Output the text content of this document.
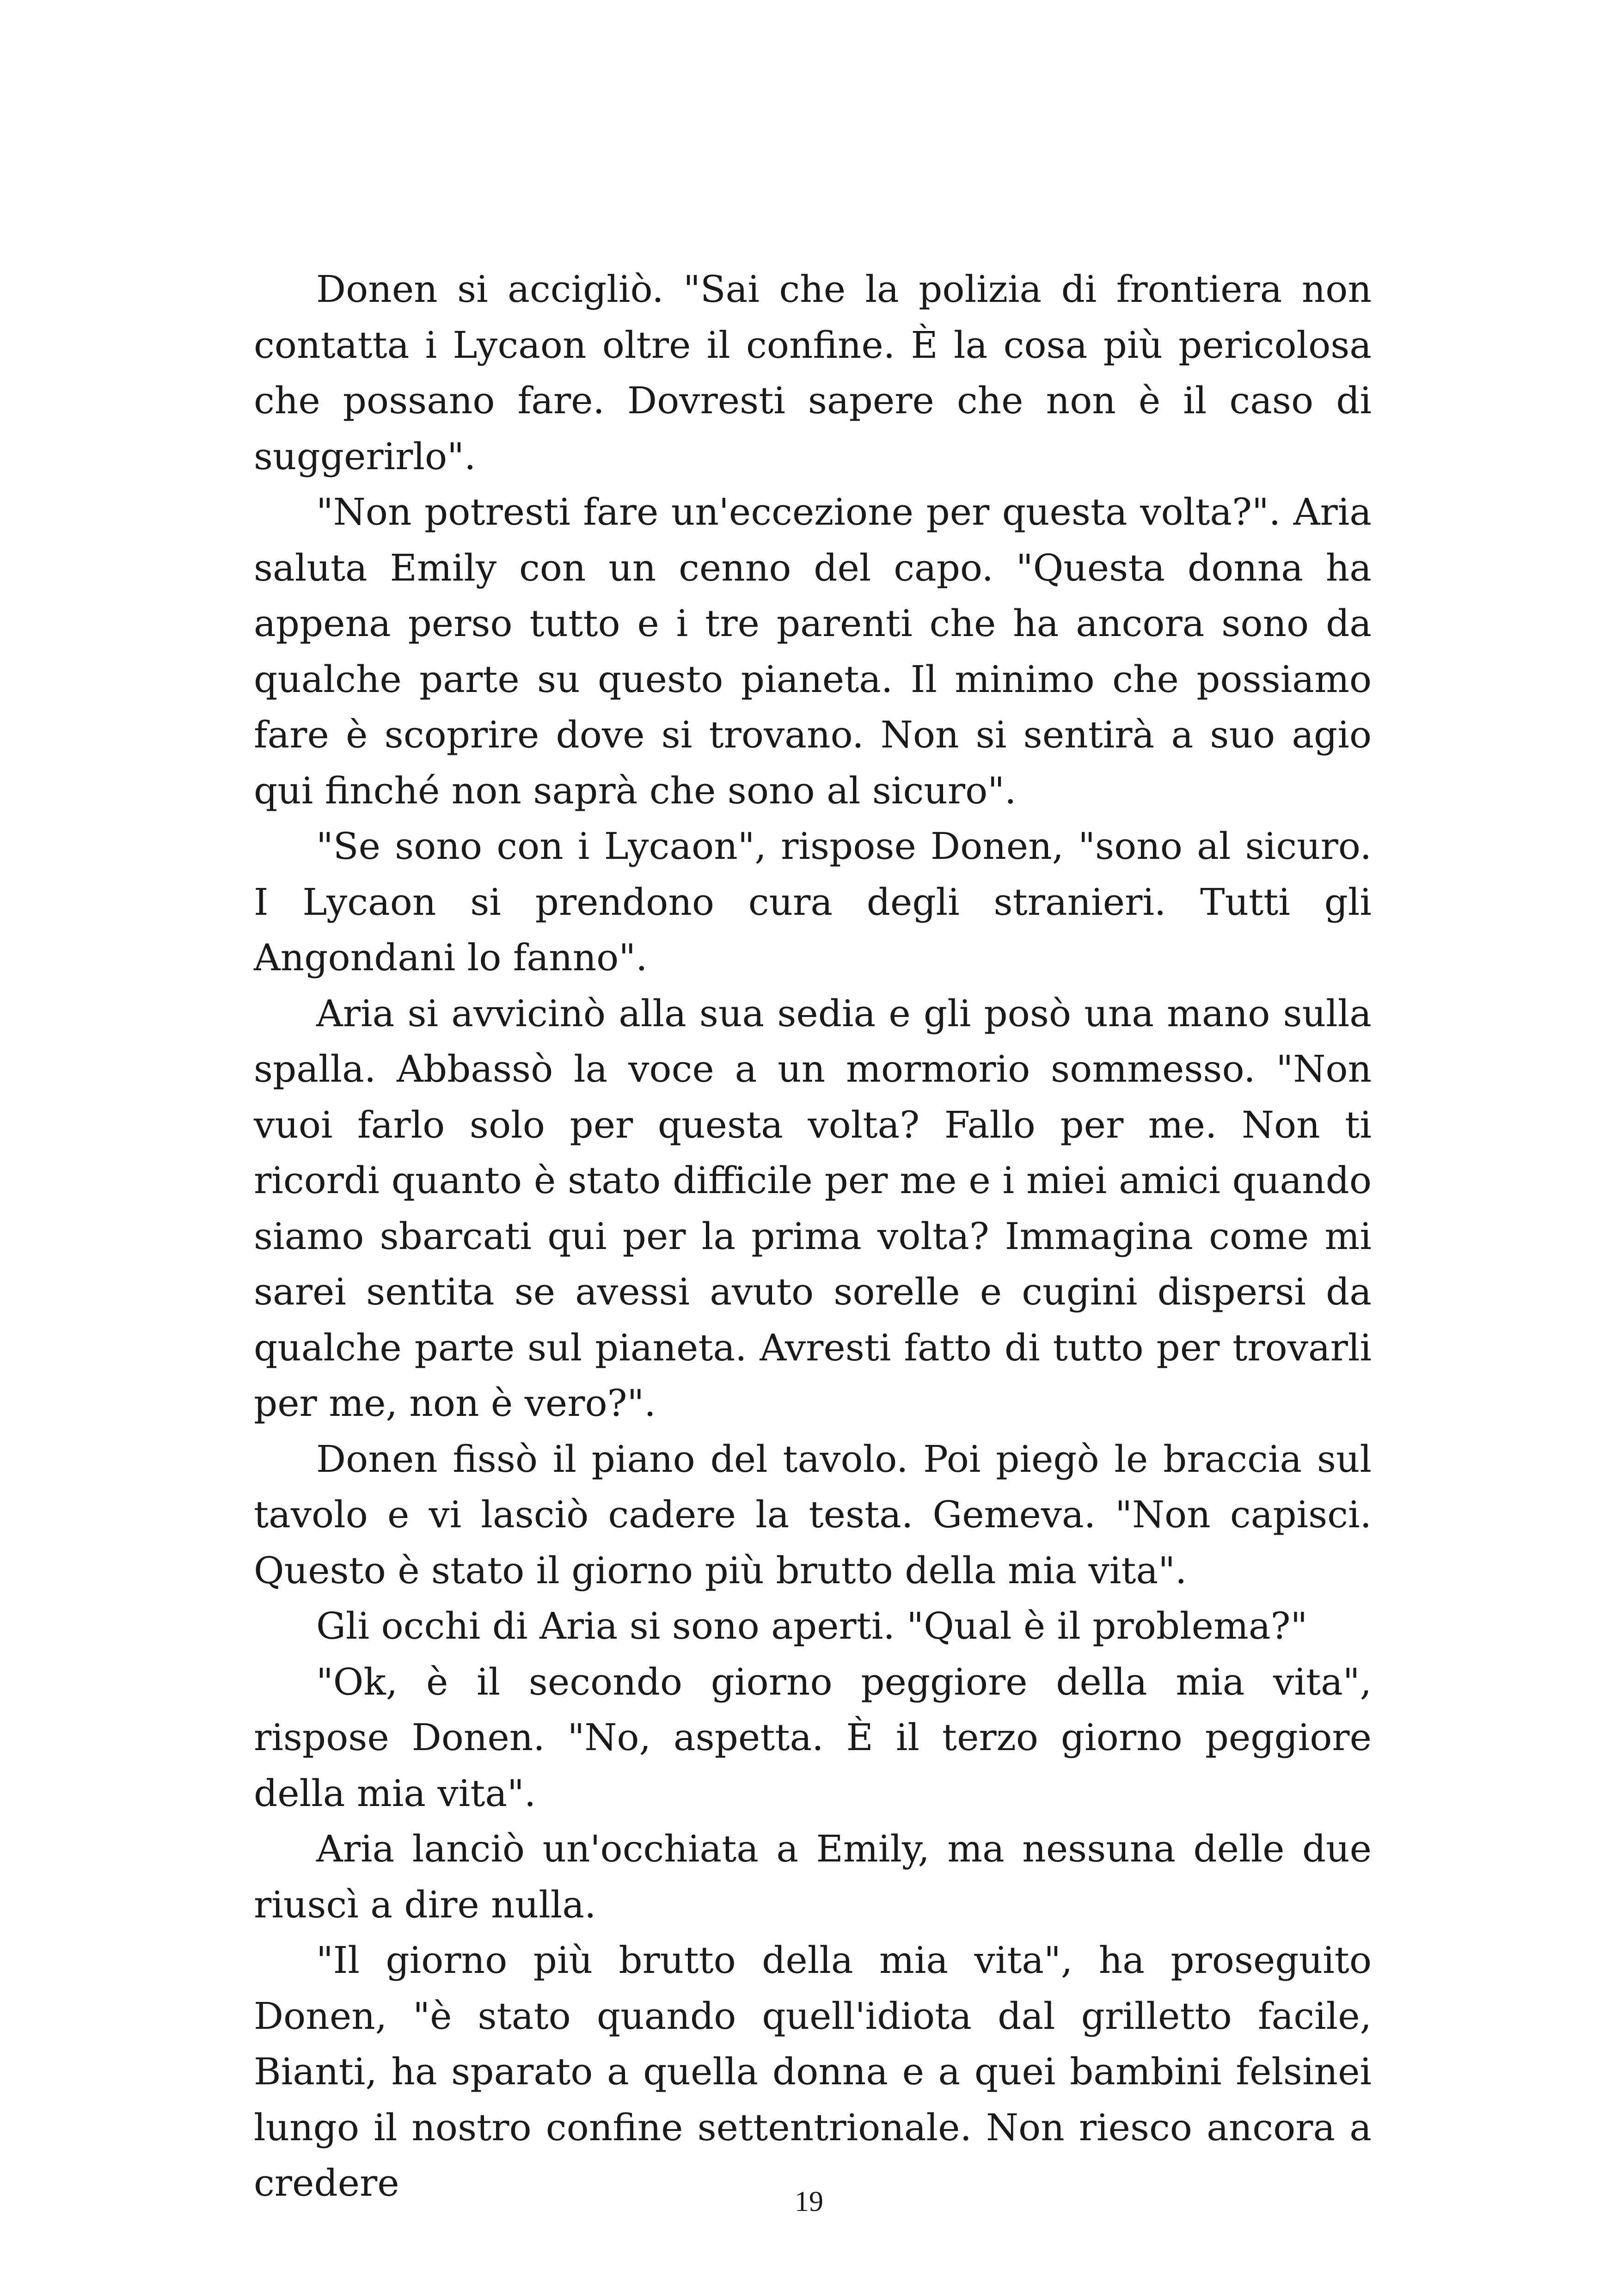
Donen si accigliò. "Sai che la polizia di frontiera non contatta i Lycaon oltre il confine. È la cosa più pericolosa che possano fare. Dovresti sapere che non è il caso di suggerirlo".

"Non potresti fare un'eccezione per questa volta?". Aria saluta Emily con un cenno del capo. "Questa donna ha appena perso tutto e i tre parenti che ha ancora sono da qualche parte su questo pianeta. Il minimo che possiamo fare è scoprire dove si trovano. Non si sentirà a suo agio qui finché non saprà che sono al sicuro".

"Se sono con i Lycaon", rispose Donen, "sono al sicuro. I Lycaon si prendono cura degli stranieri. Tutti gli Angondani lo fanno".

Aria si avvicinò alla sua sedia e gli posò una mano sulla spalla. Abbassò la voce a un mormorio sommesso. "Non vuoi farlo solo per questa volta? Fallo per me. Non ti ricordi quanto è stato difficile per me e i miei amici quando siamo sbarcati qui per la prima volta? Immagina come mi sarei sentita se avessi avuto sorelle e cugini dispersi da qualche parte sul pianeta. Avresti fatto di tutto per trovarli per me, non è vero?".

Donen fissò il piano del tavolo. Poi piegò le braccia sul tavolo e vi lasciò cadere la testa. Gemeva. "Non capisci. Questo è stato il giorno più brutto della mia vita".

Gli occhi di Aria si sono aperti. "Qual è il problema?"

"Ok, è il secondo giorno peggiore della mia vita", rispose Donen. "No, aspetta. È il terzo giorno peggiore della mia vita".

Aria lanciò un'occhiata a Emily, ma nessuna delle due riuscì a dire nulla.

"Il giorno più brutto della mia vita", ha proseguito Donen, "è stato quando quell'idiota dal grilletto facile, Bianti, ha sparato a quella donna e a quei bambini felsinei lungo il nostro confine settentrionale. Non riesco ancora a credere	19
